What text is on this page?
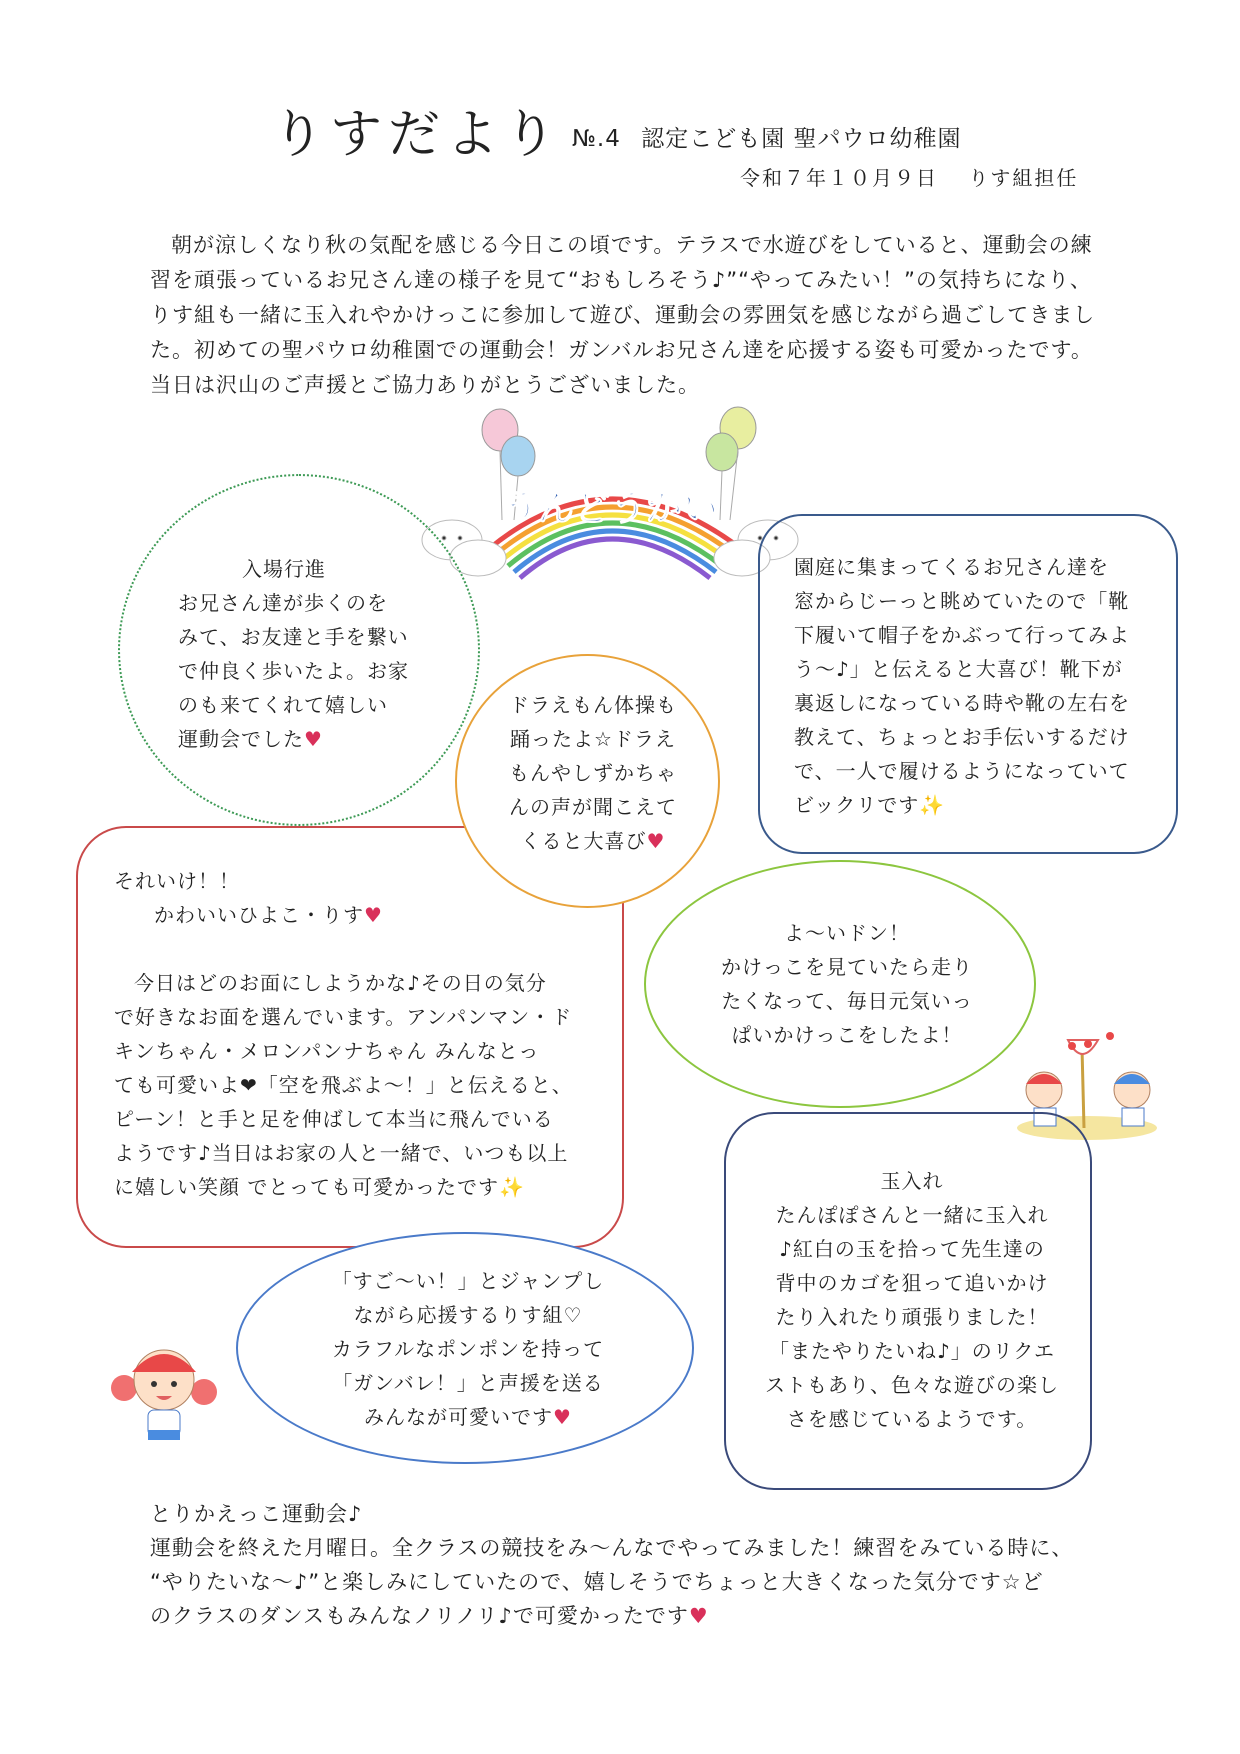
りすだより №.4 認定こども園 聖パウロ幼稚園
令和７年１０月９日 りす組担任

朝が涼しくなり秋の気配を感じる今日この頃です。テラスで水遊びをしていると、運動会の練習を頑張っているお兄さん達の様子を見て“おもしろそう♪”“やってみたい！”の気持ちになり、りす組も一緒に玉入れやかけっこに参加して遊び、運動会の雰囲気を感じながら過ごしてきました。初めての聖パウロ幼稚園での運動会！ガンバルお兄さん達を応援する姿も可愛かったです。当日は沢山のご声援とご協力ありがとうございました。

うんどうかい

入場行進

お兄さん達が歩くのを

みて、お友達と手を繋い

で仲良く歩いたよ。お家

のも来てくれて嬉しい

運動会でした♥

園庭に集まってくるお兄さん達を

窓からじーっと眺めていたので「靴

下履いて帽子をかぶって行ってみよ

う～♪」と伝えると大喜び！靴下が

裏返しになっている時や靴の左右を

教えて、ちょっとお手伝いするだけ

で、一人で履けるようになっていて

ビックリです✨

それいけ！！

かわいいひよこ・りす♥

今日はどのお面にしようかな♪その日の気分

で好きなお面を選んでいます。アンパンマン・ド

キンちゃん・メロンパンナちゃん みんなとっ

ても可愛いよ❤「空を飛ぶよ～！」と伝えると、

ピーン！と手と足を伸ばして本当に飛んでいる

ようです♪当日はお家の人と一緒で、いつも以上

に嬉しい笑顔 でとっても可愛かったです✨

ドラえもん体操も

踊ったよ☆ドラえ

もんやしずかちゃ

んの声が聞こえて

くると大喜び♥

よ～いドン！

かけっこを見ていたら走り

たくなって、毎日元気いっ

ぱいかけっこをしたよ！

玉入れ

たんぽぽさんと一緒に玉入れ

♪紅白の玉を拾って先生達の

背中のカゴを狙って追いかけ

たり入れたり頑張りました！

「またやりたいね♪」のリクエ

ストもあり、色々な遊びの楽し

さを感じているようです。

「すご～い！」とジャンプし

ながら応援するりす組♡

カラフルなポンポンを持って

「ガンバレ！」と声援を送る

みんなが可愛いです♥

とりかえっこ運動会♪

運動会を終えた月曜日。全クラスの競技をみ～んなでやってみました！練習をみている時に、

“やりたいな～♪”と楽しみにしていたので、嬉しそうでちょっと大きくなった気分です☆ど

のクラスのダンスもみんなノリノリ♪で可愛かったです♥
